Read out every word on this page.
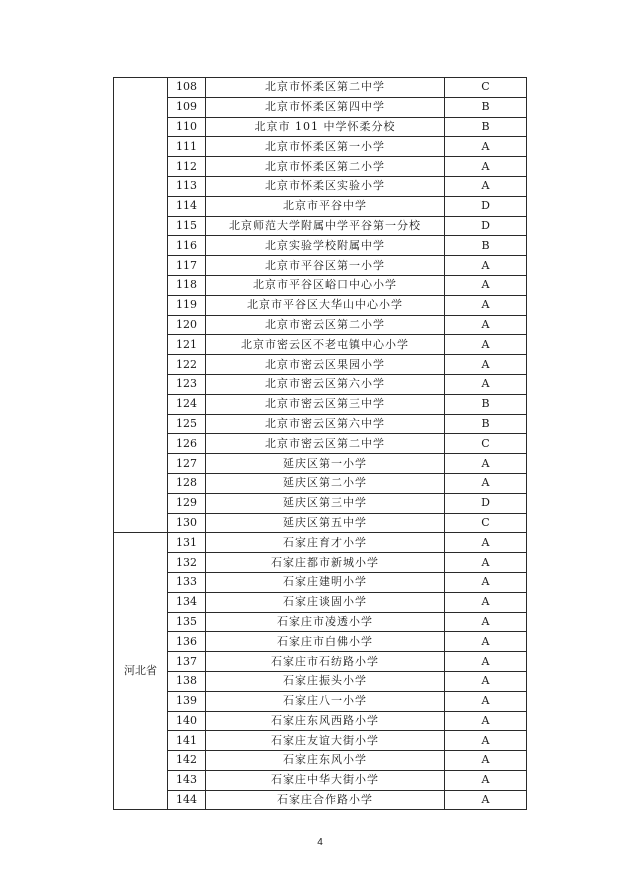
	108	北京市怀柔区第二中学	C
	109	北京市怀柔区第四中学	B
	110	北京市 101 中学怀柔分校	B
	111	北京市怀柔区第一小学	A
	112	北京市怀柔区第二小学	A
	113	北京市怀柔区实验小学	A
	114	北京市平谷中学	D
	115	北京师范大学附属中学平谷第一分校	D
	116	北京实验学校附属中学	B
	117	北京市平谷区第一小学	A
	118	北京市平谷区峪口中心小学	A
	119	北京市平谷区大华山中心小学	A
	120	北京市密云区第二小学	A
	121	北京市密云区不老屯镇中心小学	A
	122	北京市密云区果园小学	A
	123	北京市密云区第六小学	A
	124	北京市密云区第三中学	B
	125	北京市密云区第六中学	B
	126	北京市密云区第二中学	C
	127	延庆区第一小学	A
	128	延庆区第二小学	A
	129	延庆区第三中学	D
	130	延庆区第五中学	C
河北省	131	石家庄育才小学	A
	132	石家庄都市新城小学	A
	133	石家庄建明小学	A
	134	石家庄谈固小学	A
	135	石家庄市凌透小学	A
	136	石家庄市白佛小学	A
	137	石家庄市石纺路小学	A
	138	石家庄振头小学	A
	139	石家庄八一小学	A
	140	石家庄东风西路小学	A
	141	石家庄友谊大街小学	A
	142	石家庄东风小学	A
	143	石家庄中华大街小学	A
	144	石家庄合作路小学	A
4
